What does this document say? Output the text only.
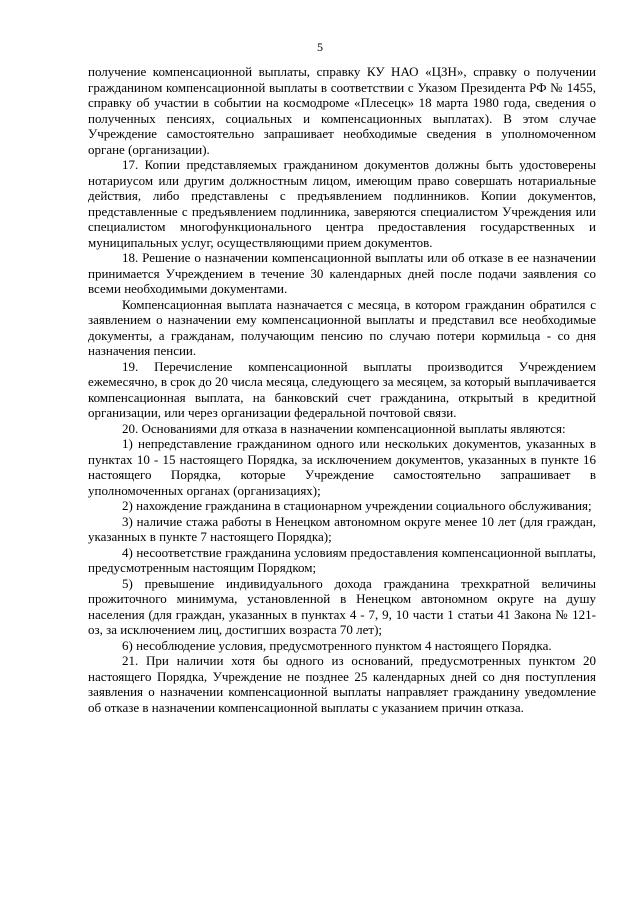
5

получение компенсационной выплаты, справку КУ НАО «ЦЗН», справку о получении гражданином компенсационной выплаты в соответствии с Указом Президента РФ № 1455, справку об участии в событии на космодроме «Плесецк» 18 марта 1980 года, сведения о полученных пенсиях, социальных и компенсационных выплатах). В этом случае Учреждение самостоятельно запрашивает необходимые сведения в уполномоченном органе (организации).

17. Копии представляемых гражданином документов должны быть удостоверены нотариусом или другим должностным лицом, имеющим право совершать нотариальные действия, либо представлены с предъявлением подлинников. Копии документов, представленные с предъявлением подлинника, заверяются специалистом Учреждения или специалистом многофункционального центра предоставления государственных и муниципальных услуг, осуществляющими прием документов.

18. Решение о назначении компенсационной выплаты или об отказе в ее назначении принимается Учреждением в течение 30 календарных дней после подачи заявления со всеми необходимыми документами.

Компенсационная выплата назначается с месяца, в котором гражданин обратился с заявлением о назначении ему компенсационной выплаты и представил все необходимые документы, а гражданам, получающим пенсию по случаю потери кормильца - со дня назначения пенсии.

19. Перечисление компенсационной выплаты производится Учреждением ежемесячно, в срок до 20 числа месяца, следующего за месяцем, за который выплачивается компенсационная выплата, на банковский счет гражданина, открытый в кредитной организации, или через организации федеральной почтовой связи.

20. Основаниями для отказа в назначении компенсационной выплаты являются:

1) непредставление гражданином одного или нескольких документов, указанных в пунктах 10 - 15 настоящего Порядка, за исключением документов, указанных в пункте 16 настоящего Порядка, которые Учреждение самостоятельно запрашивает в уполномоченных органах (организациях);

2) нахождение гражданина в стационарном учреждении социального обслуживания;

3) наличие стажа работы в Ненецком автономном округе менее 10 лет (для граждан, указанных в пункте 7 настоящего Порядка);

4) несоответствие гражданина условиям предоставления компенсационной выплаты, предусмотренным настоящим Порядком;

5) превышение индивидуального дохода гражданина трехкратной величины прожиточного минимума, установленной в Ненецком автономном округе на душу населения (для граждан, указанных в пунктах 4 - 7, 9, 10 части 1 статьи 41 Закона № 121-оз, за исключением лиц, достигших возраста 70 лет);

6) несоблюдение условия, предусмотренного пунктом 4 настоящего Порядка.

21. При наличии хотя бы одного из оснований, предусмотренных пунктом 20 настоящего Порядка, Учреждение не позднее 25 календарных дней со дня поступления заявления о назначении компенсационной выплаты направляет гражданину уведомление об отказе в назначении компенсационной выплаты с указанием причин отказа.
